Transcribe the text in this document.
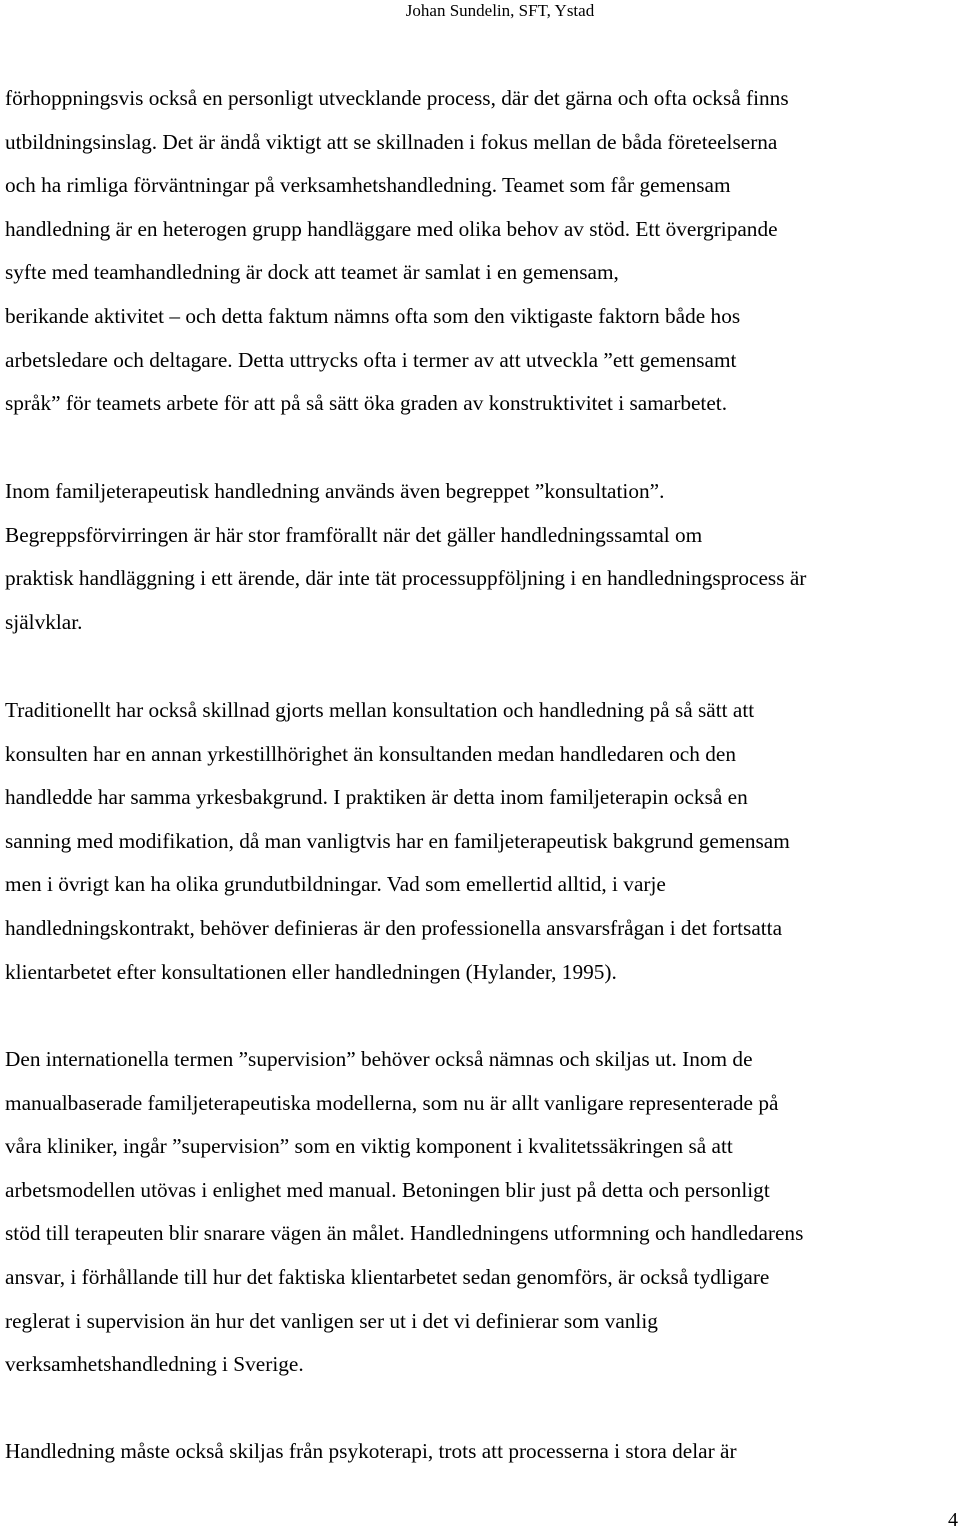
Johan Sundelin, SFT, Ystad
förhoppningsvis också en personligt utvecklande process, där det gärna och ofta också finns
utbildningsinslag. Det är ändå viktigt att se skillnaden i fokus mellan de båda företeelserna
och ha rimliga förväntningar på verksamhetshandledning. Teamet som får gemensam
handledning är en heterogen grupp handläggare med olika behov av stöd. Ett övergripande
syfte med teamhandledning är dock att teamet är samlat i en gemensam,
berikande aktivitet – och detta faktum nämns ofta som den viktigaste faktorn både hos
arbetsledare och deltagare. Detta uttrycks ofta i termer av att utveckla ”ett gemensamt
språk” för teamets arbete för att på så sätt öka graden av konstruktivitet i samarbetet.
Inom familjeterapeutisk handledning används även begreppet ”konsultation”.
Begreppsförvirringen är här stor framförallt när det gäller handledningssamtal om
praktisk handläggning i ett ärende, där inte tät processuppföljning i en handledningsprocess är
självklar.
Traditionellt har också skillnad gjorts mellan konsultation och handledning på så sätt att
konsulten har en annan yrkestillhörighet än konsultanden medan handledaren och den
handledde har samma yrkesbakgrund. I praktiken är detta inom familjeterapin också en
sanning med modifikation, då man vanligtvis har en familjeterapeutisk bakgrund gemensam
men i övrigt kan ha olika grundutbildningar. Vad som emellertid alltid, i varje
handledningskontrakt, behöver definieras är den professionella ansvarsfrågan i det fortsatta
klientarbetet efter konsultationen eller handledningen (Hylander, 1995).
Den internationella termen ”supervision” behöver också nämnas och skiljas ut. Inom de
manualbaserade familjeterapeutiska modellerna, som nu är allt vanligare representerade på
våra kliniker, ingår ”supervision” som en viktig komponent i kvalitetssäkringen så att
arbetsmodellen utövas i enlighet med manual. Betoningen blir just på detta och personligt
stöd till terapeuten blir snarare vägen än målet. Handledningens utformning och handledarens
ansvar, i förhållande till hur det faktiska klientarbetet sedan genomförs, är också tydligare
reglerat i supervision än hur det vanligen ser ut i det vi definierar som vanlig
verksamhetshandledning i Sverige.
Handledning måste också skiljas från psykoterapi, trots att processerna i stora delar är
4
